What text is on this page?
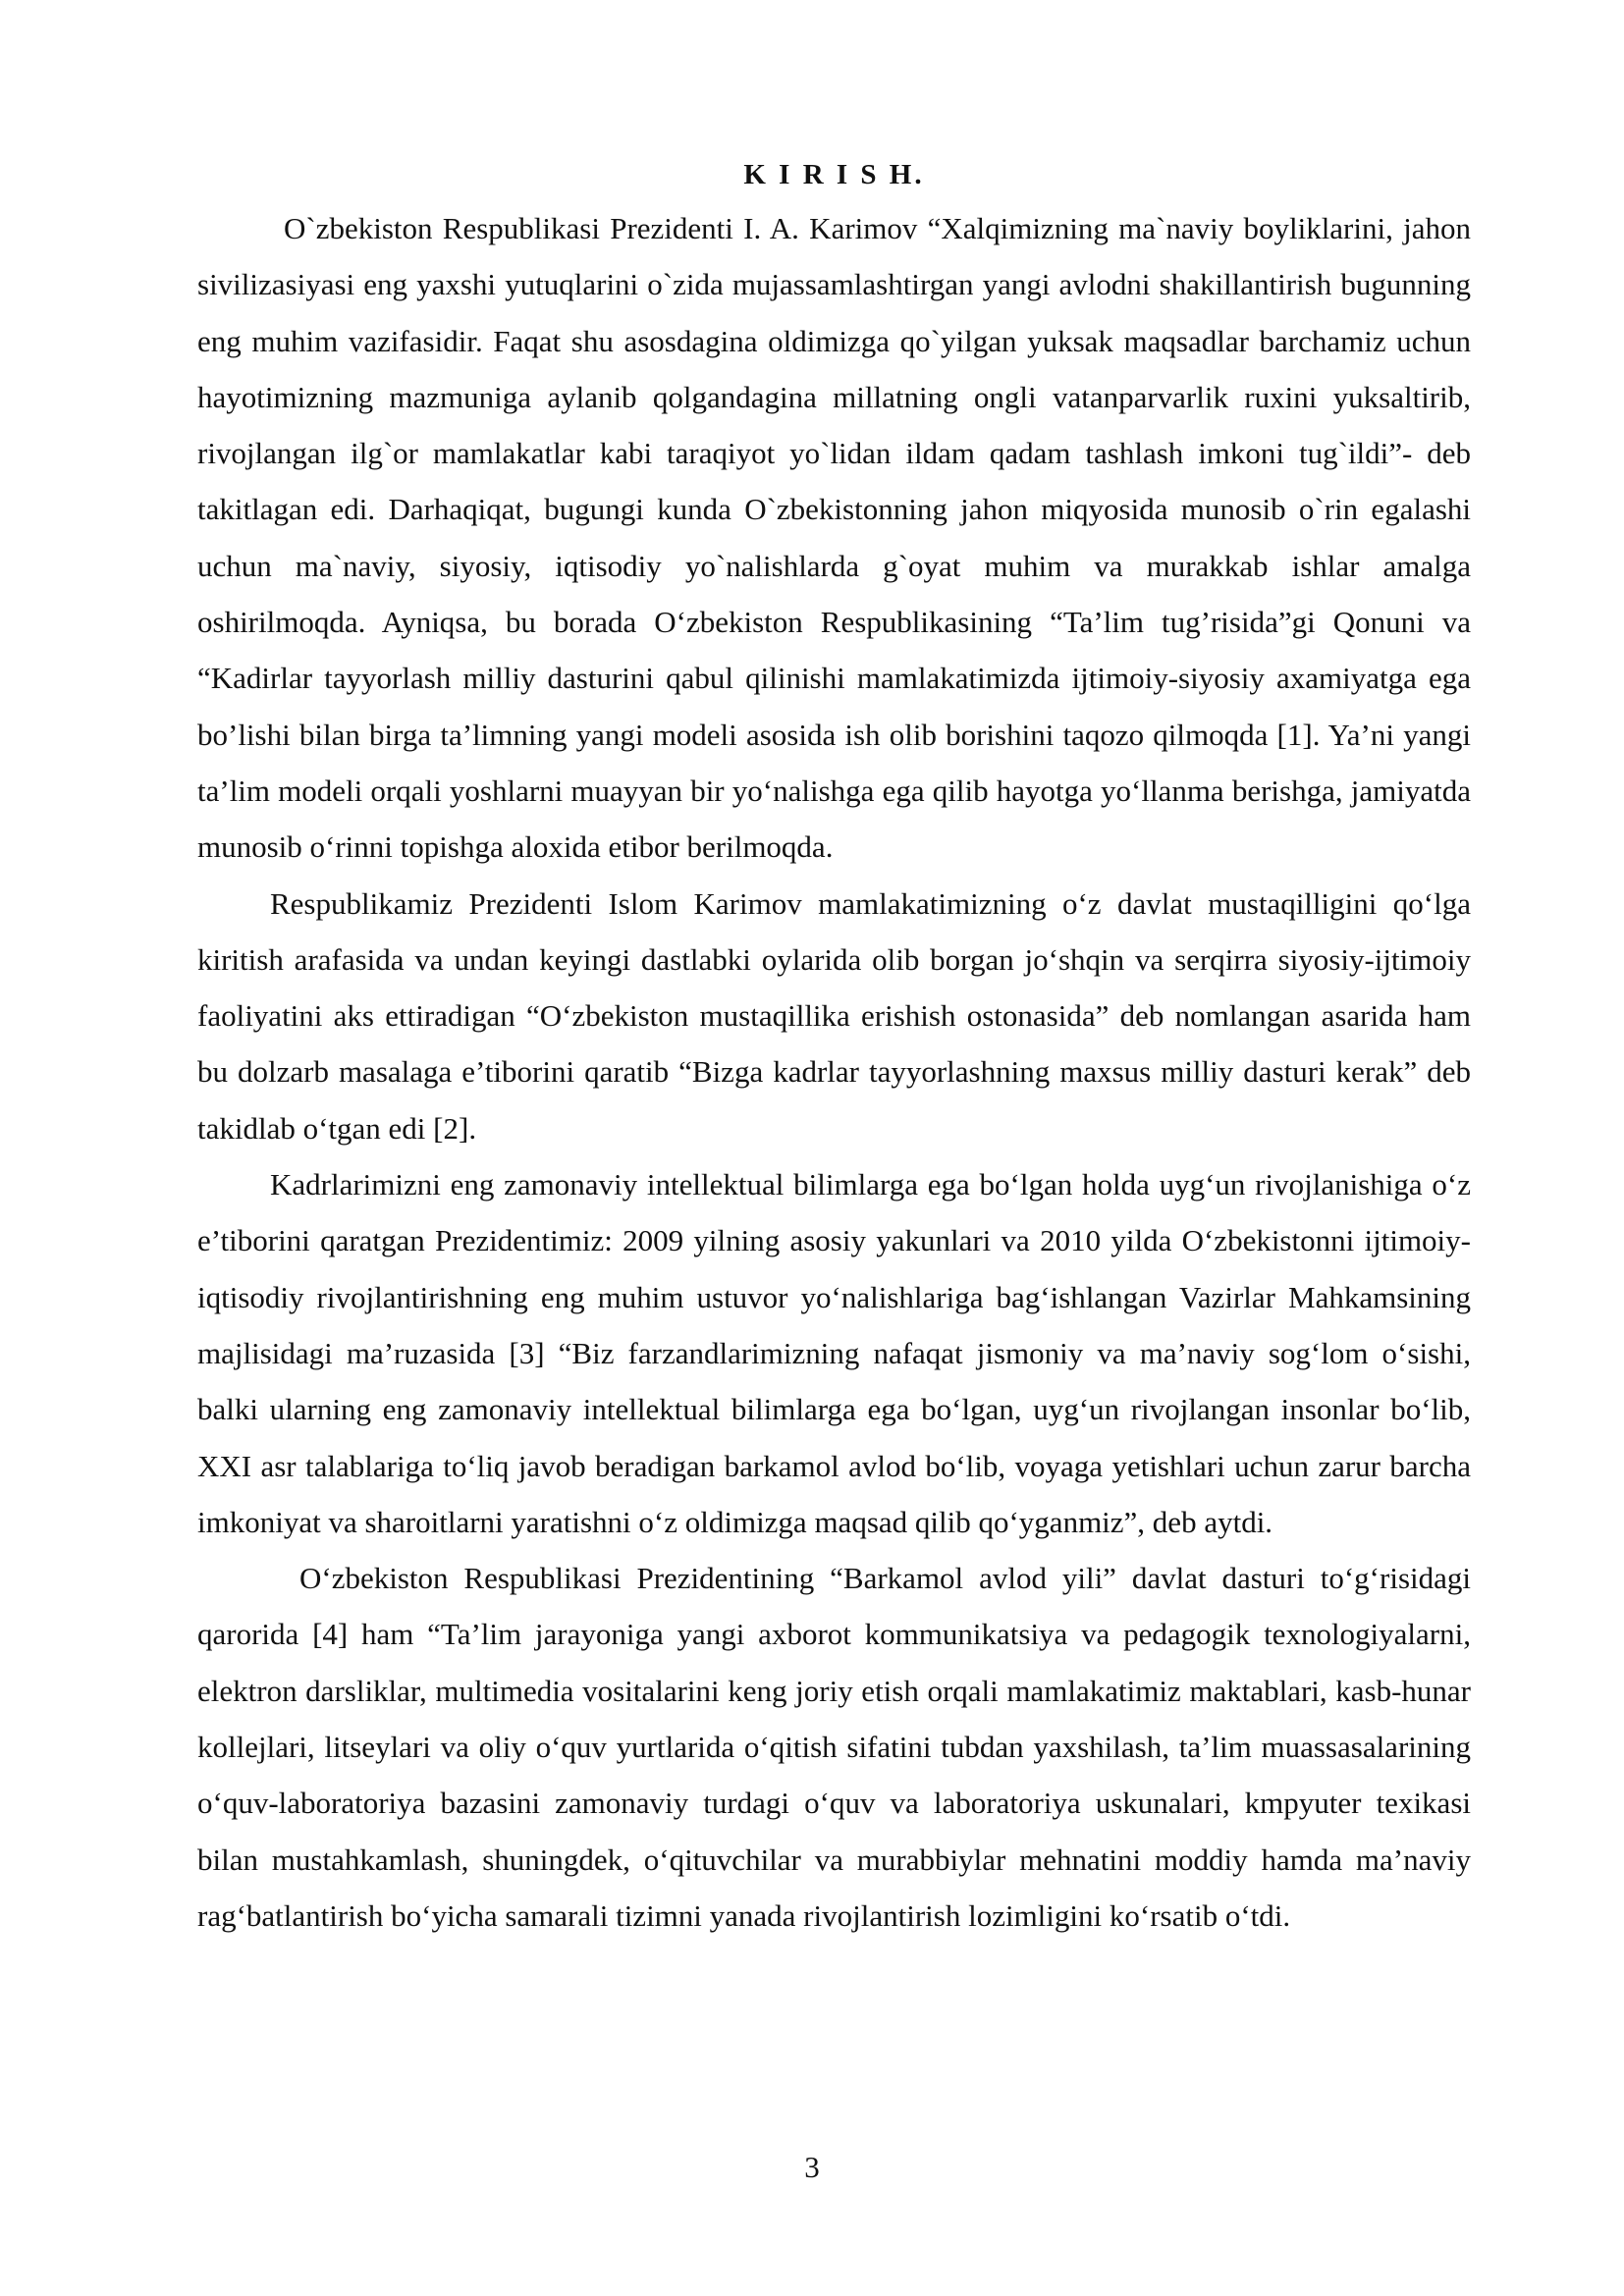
K I R I S H.

O`zbekiston Respublikasi Prezidenti I. A. Karimov “Xalqimizning ma`naviy boyliklarini, jahon sivilizasiyasi eng yaxshi yutuqlarini o`zida mujassamlashtirgan yangi avlodni shakillantirish bugunning eng muhim vazifasidir. Faqat shu asosdagina oldimizga qo`yilgan yuksak maqsadlar barchamiz uchun hayotimizning mazmuniga aylanib qolgandagina millatning ongli vatanparvarlik ruxini yuksaltirib, rivojlangan ilg`or mamlakatlar kabi taraqiyot yo`lidan ildam qadam tashlash imkoni tug`ildi”- deb takitlagan edi. Darhaqiqat, bugungi kunda O`zbekistonning jahon miqyosida munosib o`rin egalashi uchun ma`naviy, siyosiy, iqtisodiy yo`nalishlarda g`oyat muhim va murakkab ishlar amalga oshirilmoqda. Ayniqsa, bu borada O‘zbekiston Respublikasining “Ta’lim tug’risida”gi Qonuni va “Kadirlar tayyorlash milliy dasturini qabul qilinishi mamlakatimizda ijtimoiy-siyosiy axamiyatga ega bo’lishi bilan birga ta’limning yangi modeli asosida ish olib borishini taqozo qilmoqda [1]. Ya’ni yangi ta’lim modeli orqali yoshlarni muayyan bir yo‘nalishga ega qilib hayotga yo‘llanma berishga, jamiyatda munosib o‘rinni topishga aloxida etibor berilmoqda.

Respublikamiz Prezidenti Islom Karimov mamlakatimizning o‘z davlat mustaqilligini qo‘lga kiritish arafasida va undan keyingi dastlabki oylarida olib borgan jo‘shqin va serqirra siyosiy-ijtimoiy faoliyatini aks ettiradigan “O‘zbekiston mustaqillika erishish ostonasida” deb nomlangan asarida ham bu dolzarb masalaga e’tiborini qaratib “Bizga kadrlar tayyorlashning maxsus milliy dasturi kerak” deb takidlab o‘tgan edi [2].

Kadrlarimizni eng zamonaviy intellektual bilimlarga ega bo‘lgan holda uyg‘un rivojlanishiga o‘z e’tiborini qaratgan Prezidentimiz: 2009 yilning asosiy yakunlari va 2010 yilda O‘zbekistonni ijtimoiy-iqtisodiy rivojlantirishning eng muhim ustuvor yo‘nalishlariga bag‘ishlangan Vazirlar Mahkamsining majlisidagi ma’ruzasida [3] “Biz farzandlarimizning nafaqat jismoniy va ma’naviy sog‘lom o‘sishi, balki ularning eng zamonaviy intellektual bilimlarga ega bo‘lgan, uyg‘un rivojlangan insonlar bo‘lib, XXI asr talablariga to‘liq javob beradigan barkamol avlod bo‘lib, voyaga yetishlari uchun zarur barcha imkoniyat va sharoitlarni yaratishni o‘z oldimizga maqsad qilib qo‘yganmiz”, deb aytdi.

O‘zbekiston Respublikasi Prezidentining “Barkamol avlod yili” davlat dasturi to‘g‘risidagi qarorida [4] ham “Ta’lim jarayoniga yangi axborot kommunikatsiya va pedagogik texnologiyalarni, elektron darsliklar, multimedia vositalarini keng joriy etish orqali mamlakatimiz maktablari, kasb-hunar kollejlari, litseylari va oliy o‘quv yurtlarida o‘qitish sifatini tubdan yaxshilash, ta’lim muassasalarining o‘quv-laboratoriya bazasini zamonaviy turdagi o‘quv va laboratoriya uskunalari, kmpyuter texikasi bilan mustahkamlash, shuningdek, o‘qituvchilar va murabbiylar mehnatini moddiy hamda ma’naviy rag‘batlantirish bo‘yicha samarali tizimni yanada rivojlantirish lozimligini ko‘rsatib o‘tdi.

3
